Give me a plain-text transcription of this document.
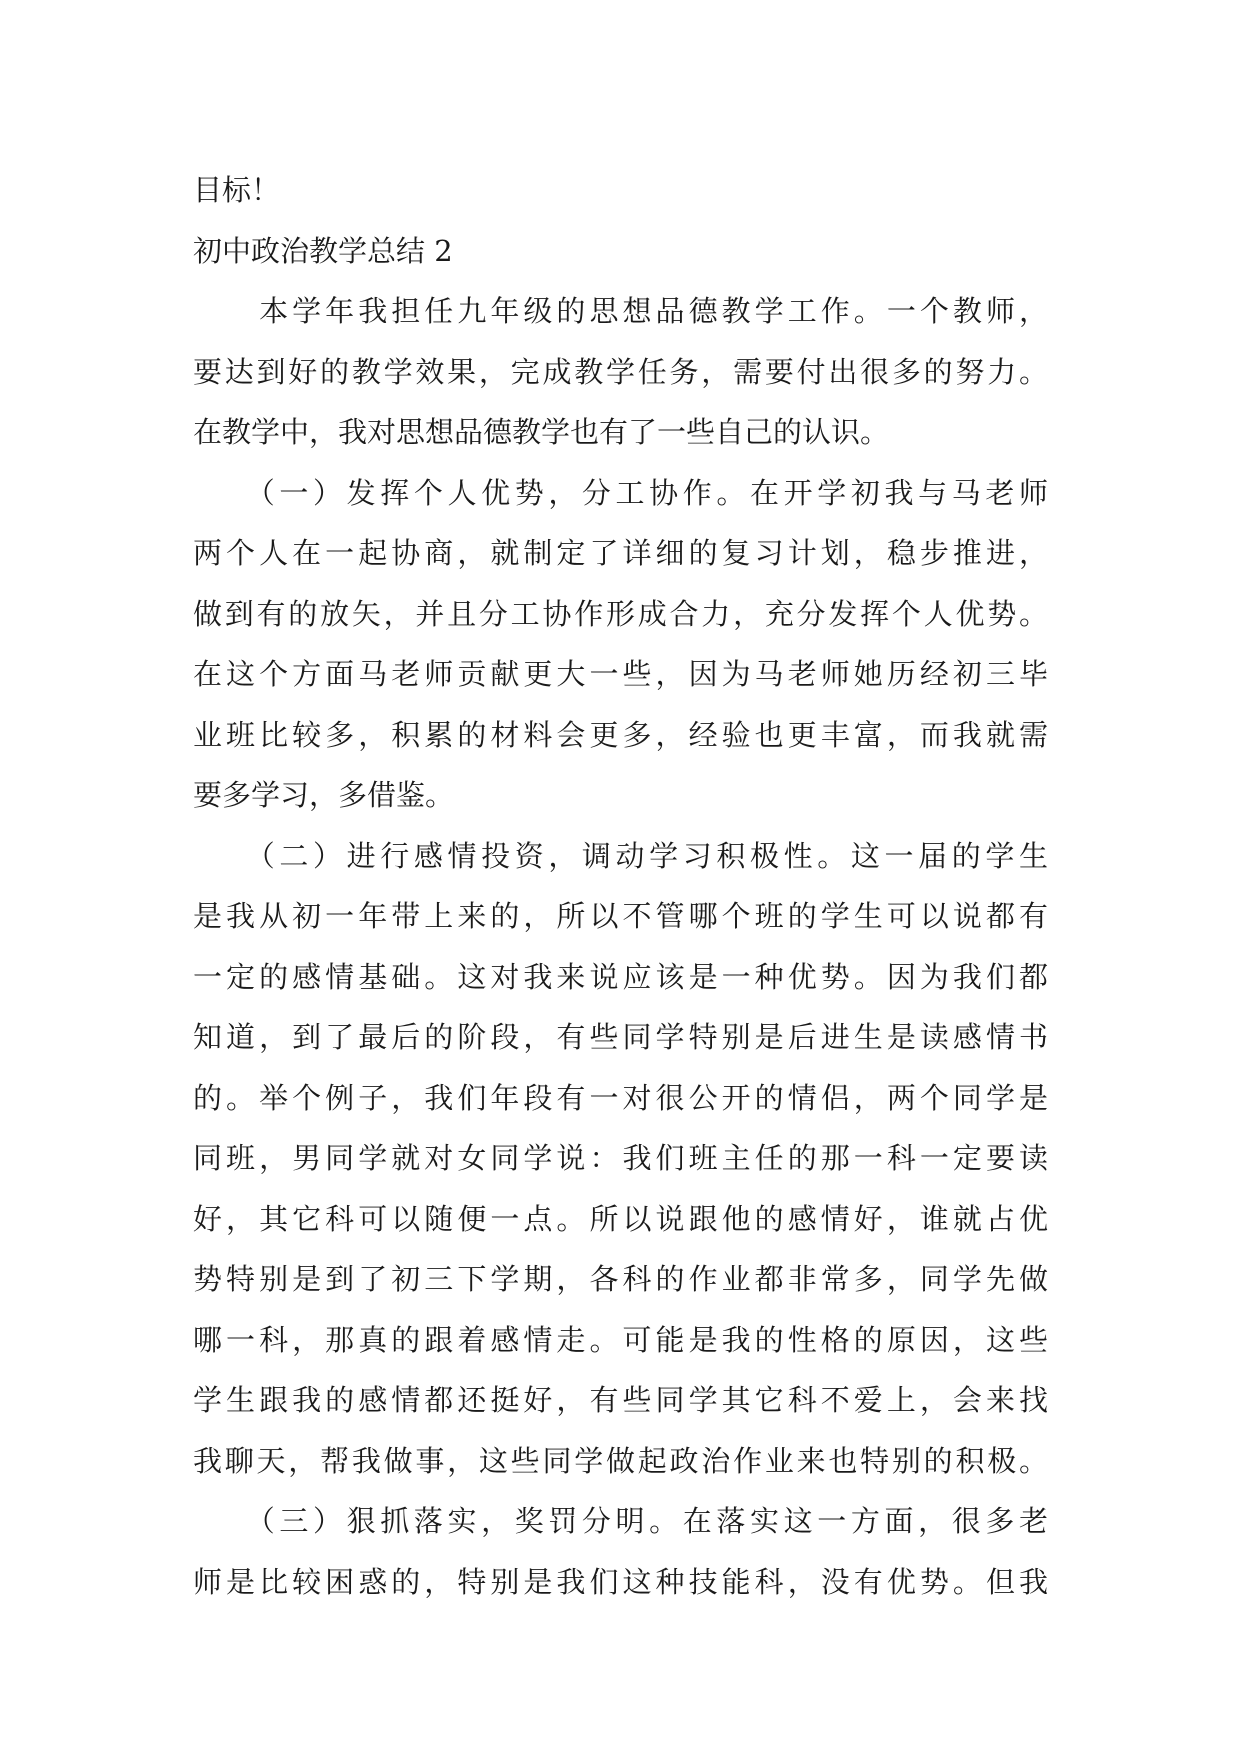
目标！
初中政治教学总结 2
　　本学年我担任九年级的思想品德教学工作。一个教师，
要达到好的教学效果，完成教学任务，需要付出很多的努力。
在教学中，我对思想品德教学也有了一些自己的认识。
　　（一）发挥个人优势，分工协作。在开学初我与马老师
两个人在一起协商，就制定了详细的复习计划，稳步推进，
做到有的放矢，并且分工协作形成合力，充分发挥个人优势。
在这个方面马老师贡献更大一些，因为马老师她历经初三毕
业班比较多，积累的材料会更多，经验也更丰富，而我就需
要多学习，多借鉴。
　　（二）进行感情投资，调动学习积极性。这一届的学生
是我从初一年带上来的，所以不管哪个班的学生可以说都有
一定的感情基础。这对我来说应该是一种优势。因为我们都
知道，到了最后的阶段，有些同学特别是后进生是读感情书
的。举个例子，我们年段有一对很公开的情侣，两个同学是
同班，男同学就对女同学说：我们班主任的那一科一定要读
好，其它科可以随便一点。所以说跟他的感情好，谁就占优
势特别是到了初三下学期，各科的作业都非常多，同学先做
哪一科，那真的跟着感情走。可能是我的性格的原因，这些
学生跟我的感情都还挺好，有些同学其它科不爱上，会来找
我聊天，帮我做事，这些同学做起政治作业来也特别的积极。
　　（三）狠抓落实，奖罚分明。在落实这一方面，很多老
师是比较困惑的，特别是我们这种技能科，没有优势。但我
